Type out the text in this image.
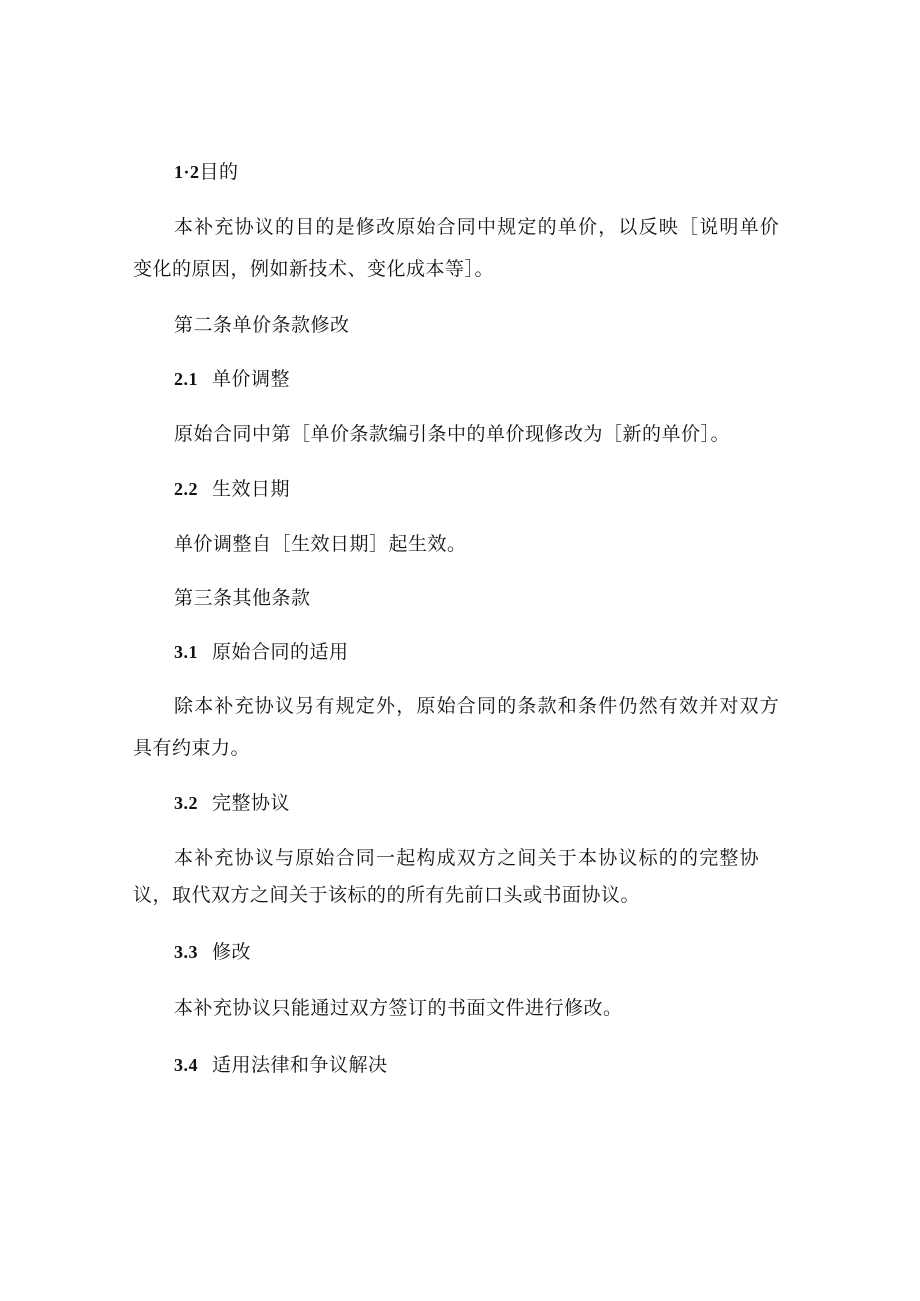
1·2目的
本补充协议的目的是修改原始合同中规定的单价，以反映［说明单价
变化的原因，例如新技术、变化成本等］。
第二条单价条款修改
2.1 单价调整
原始合同中第［单价条款编引条中的单价现修改为［新的单价］。
2.2 生效日期
单价调整自［生效日期］起生效。
第三条其他条款
3.1 原始合同的适用
除本补充协议另有规定外，原始合同的条款和条件仍然有效并对双方
具有约束力。
3.2 完整协议
本补充协议与原始合同一起构成双方之间关于本协议标的的完整协
议，取代双方之间关于该标的的所有先前口头或书面协议。
3.3 修改
本补充协议只能通过双方签订的书面文件进行修改。
3.4 适用法律和争议解决
